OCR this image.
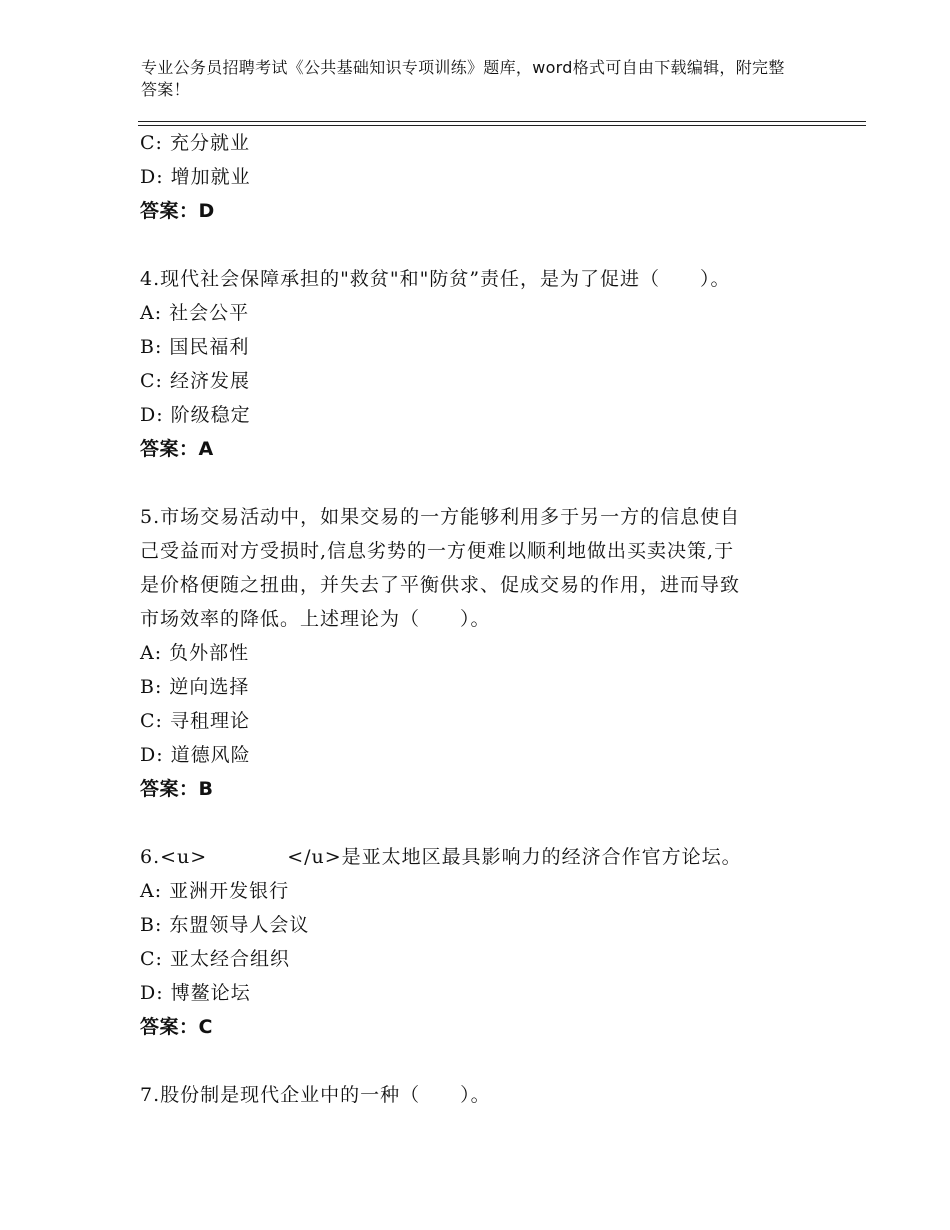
专业公务员招聘考试《公共基础知识专项训练》题库，word格式可自由下载编辑，附完整答案！
C: 充分就业
D: 增加就业
答案：D
4.现代社会保障承担的"救贫"和"防贫”责任，是为了促进（　　）。
A: 社会公平
B: 国民福利
C: 经济发展
D: 阶级稳定
答案：A
5.市场交易活动中，如果交易的一方能够利用多于另一方的信息使自
己受益而对方受损时,信息劣势的一方便难以顺利地做出买卖决策,于
是价格便随之扭曲，并失去了平衡供求、促成交易的作用，进而导致
市场效率的降低。上述理论为（　　）。
A: 负外部性
B: 逆向选择
C: 寻租理论
D: 道德风险
答案：B
6.<u>　　　　</u>是亚太地区最具影响力的经济合作官方论坛。
A: 亚洲开发银行
B: 东盟领导人会议
C: 亚太经合组织
D: 博鳌论坛
答案：C
7.股份制是现代企业中的一种（　　）。
